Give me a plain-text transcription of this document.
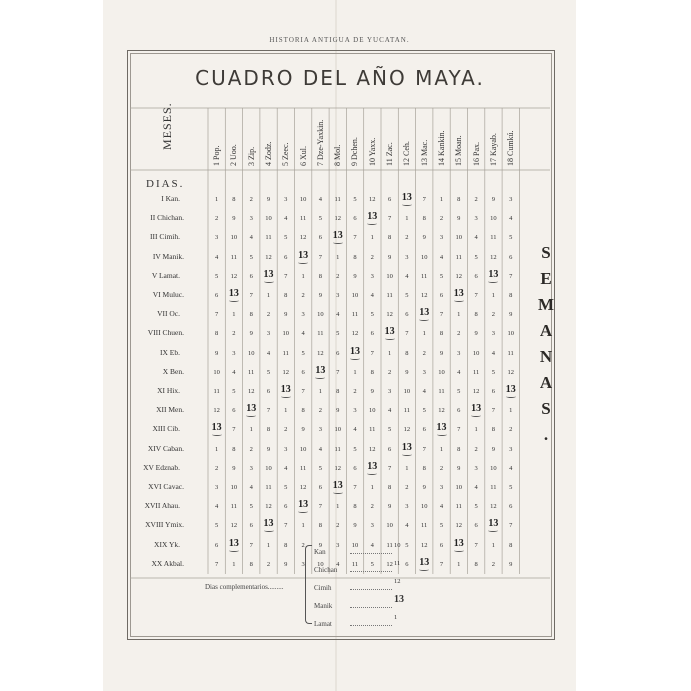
HISTORIA ANTIGUA DE YUCATAN.
CUADRO DEL AÑO MAYA.
MESES.
1 Pop. 2 Uoo. 3 Zip. 4 Zodz. 5 Zeec. 6 Xul. 7 Dze-Yaxkin. 8 Mol. 9 Dchen. 10 Yaxx. 11 Zac. 12 Ceh. 13 Mac. 14 Kankin. 15 Moan. 16 Pax. 17 Kayab. 18 Cumkú.
DIAS.
I Kan.	1	8	2	9	3	10	4	11	5	12	6	13	7	1	8	2	9	3
II Chichan.	2	9	3	10	4	11	5	12	6	13	7	1	8	2	9	3	10	4
III Cimih.	3	10	4	11	5	12	6	13	7	1	8	2	9	3	10	4	11	5
IV Manik.	4	11	5	12	6	13	7	1	8	2	9	3	10	4	11	5	12	6
V Lamat.	5	12	6	13	7	1	8	2	9	3	10	4	11	5	12	6	13	7
VI Muluc.	6	13	7	1	8	2	9	3	10	4	11	5	12	6	13	7	1	8
VII Oc.	7	1	8	2	9	3	10	4	11	5	12	6	13	7	1	8	2	9
VIII Chuen.	8	2	9	3	10	4	11	5	12	6	13	7	1	8	2	9	3	10
IX Eb.	9	3	10	4	11	5	12	6	13	7	1	8	2	9	3	10	4	11
X Ben.	10	4	11	5	12	6	13	7	1	8	2	9	3	10	4	11	5	12
XI Hix.	11	5	12	6	13	7	1	8	2	9	3	10	4	11	5	12	6	13
XII Men.	12	6	13	7	1	8	2	9	3	10	4	11	5	12	6	13	7	1
XIII Cib.	13	7	1	8	2	9	3	10	4	11	5	12	6	13	7	1	8	2
XIV Caban.	1	8	2	9	3	10	4	11	5	12	6	13	7	1	8	2	9	3
XV Edznab.	2	9	3	10	4	11	5	12	6	13	7	1	8	2	9	3	10	4
XVI Cavac.	3	10	4	11	5	12	6	13	7	1	8	2	9	3	10	4	11	5
XVII Ahau.	4	11	5	12	6	13	7	1	8	2	9	3	10	4	11	5	12	6
XVIII Ymix.	5	12	6	13	7	1	8	2	9	3	10	4	11	5	12	6	13	7
XIX Yk.	6	13	7	1	8	2	9	3	10	4	11	5	12	6	13	7	1	8
XX Akbal.	7	1	8	2	9	3	10	4	11	5	12	6	13	7	1	8	2	9
S
E
M
A
N
A
S
.
Dias complementarios.........
Kan
10
Chichan
11
Cimih
12
Manik
13
Lamat
1
